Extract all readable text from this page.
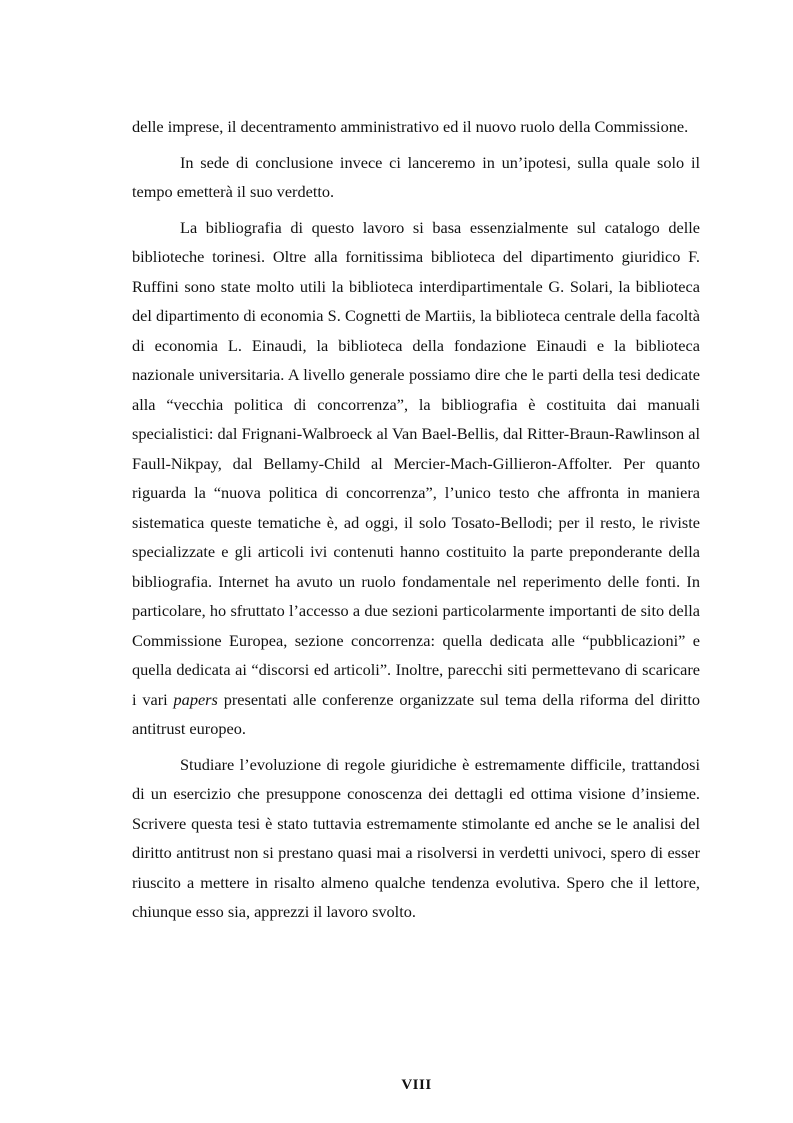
delle imprese, il decentramento amministrativo ed il nuovo ruolo della Commissione.

In sede di conclusione invece ci lanceremo in un’ipotesi, sulla quale solo il tempo emetterà il suo verdetto.

La bibliografia di questo lavoro si basa essenzialmente sul catalogo delle biblioteche torinesi. Oltre alla fornitissima biblioteca del dipartimento giuridico F. Ruffini sono state molto utili la biblioteca interdipartimentale G. Solari, la biblioteca del dipartimento di economia S. Cognetti de Martiis, la biblioteca centrale della facoltà di economia L. Einaudi, la biblioteca della fondazione Einaudi e la biblioteca nazionale universitaria. A livello generale possiamo dire che le parti della tesi dedicate alla “vecchia politica di concorrenza”, la bibliografia è costituita dai manuali specialistici: dal Frignani-Walbroeck al Van Bael-Bellis, dal Ritter-Braun-Rawlinson al Faull-Nikpay, dal Bellamy-Child al Mercier-Mach-Gillieron-Affolter. Per quanto riguarda la “nuova politica di concorrenza”, l’unico testo che affronta in maniera sistematica queste tematiche è, ad oggi, il solo Tosato-Bellodi; per il resto, le riviste specializzate e gli articoli ivi contenuti hanno costituito la parte preponderante della bibliografia. Internet ha avuto un ruolo fondamentale nel reperimento delle fonti. In particolare, ho sfruttato l’accesso a due sezioni particolarmente importanti de sito della Commissione Europea, sezione concorrenza: quella dedicata alle “pubblicazioni” e quella dedicata ai “discorsi ed articoli”. Inoltre, parecchi siti permettevano di scaricare i vari papers presentati alle conferenze organizzate sul tema della riforma del diritto antitrust europeo.

Studiare l’evoluzione di regole giuridiche è estremamente difficile, trattandosi di un esercizio che presuppone conoscenza dei dettagli ed ottima visione d’insieme. Scrivere questa tesi è stato tuttavia estremamente stimolante ed anche se le analisi del diritto antitrust non si prestano quasi mai a risolversi in verdetti univoci, spero di esser riuscito a mettere in risalto almeno qualche tendenza evolutiva. Spero che il lettore, chiunque esso sia, apprezzi il lavoro svolto.

VIII
